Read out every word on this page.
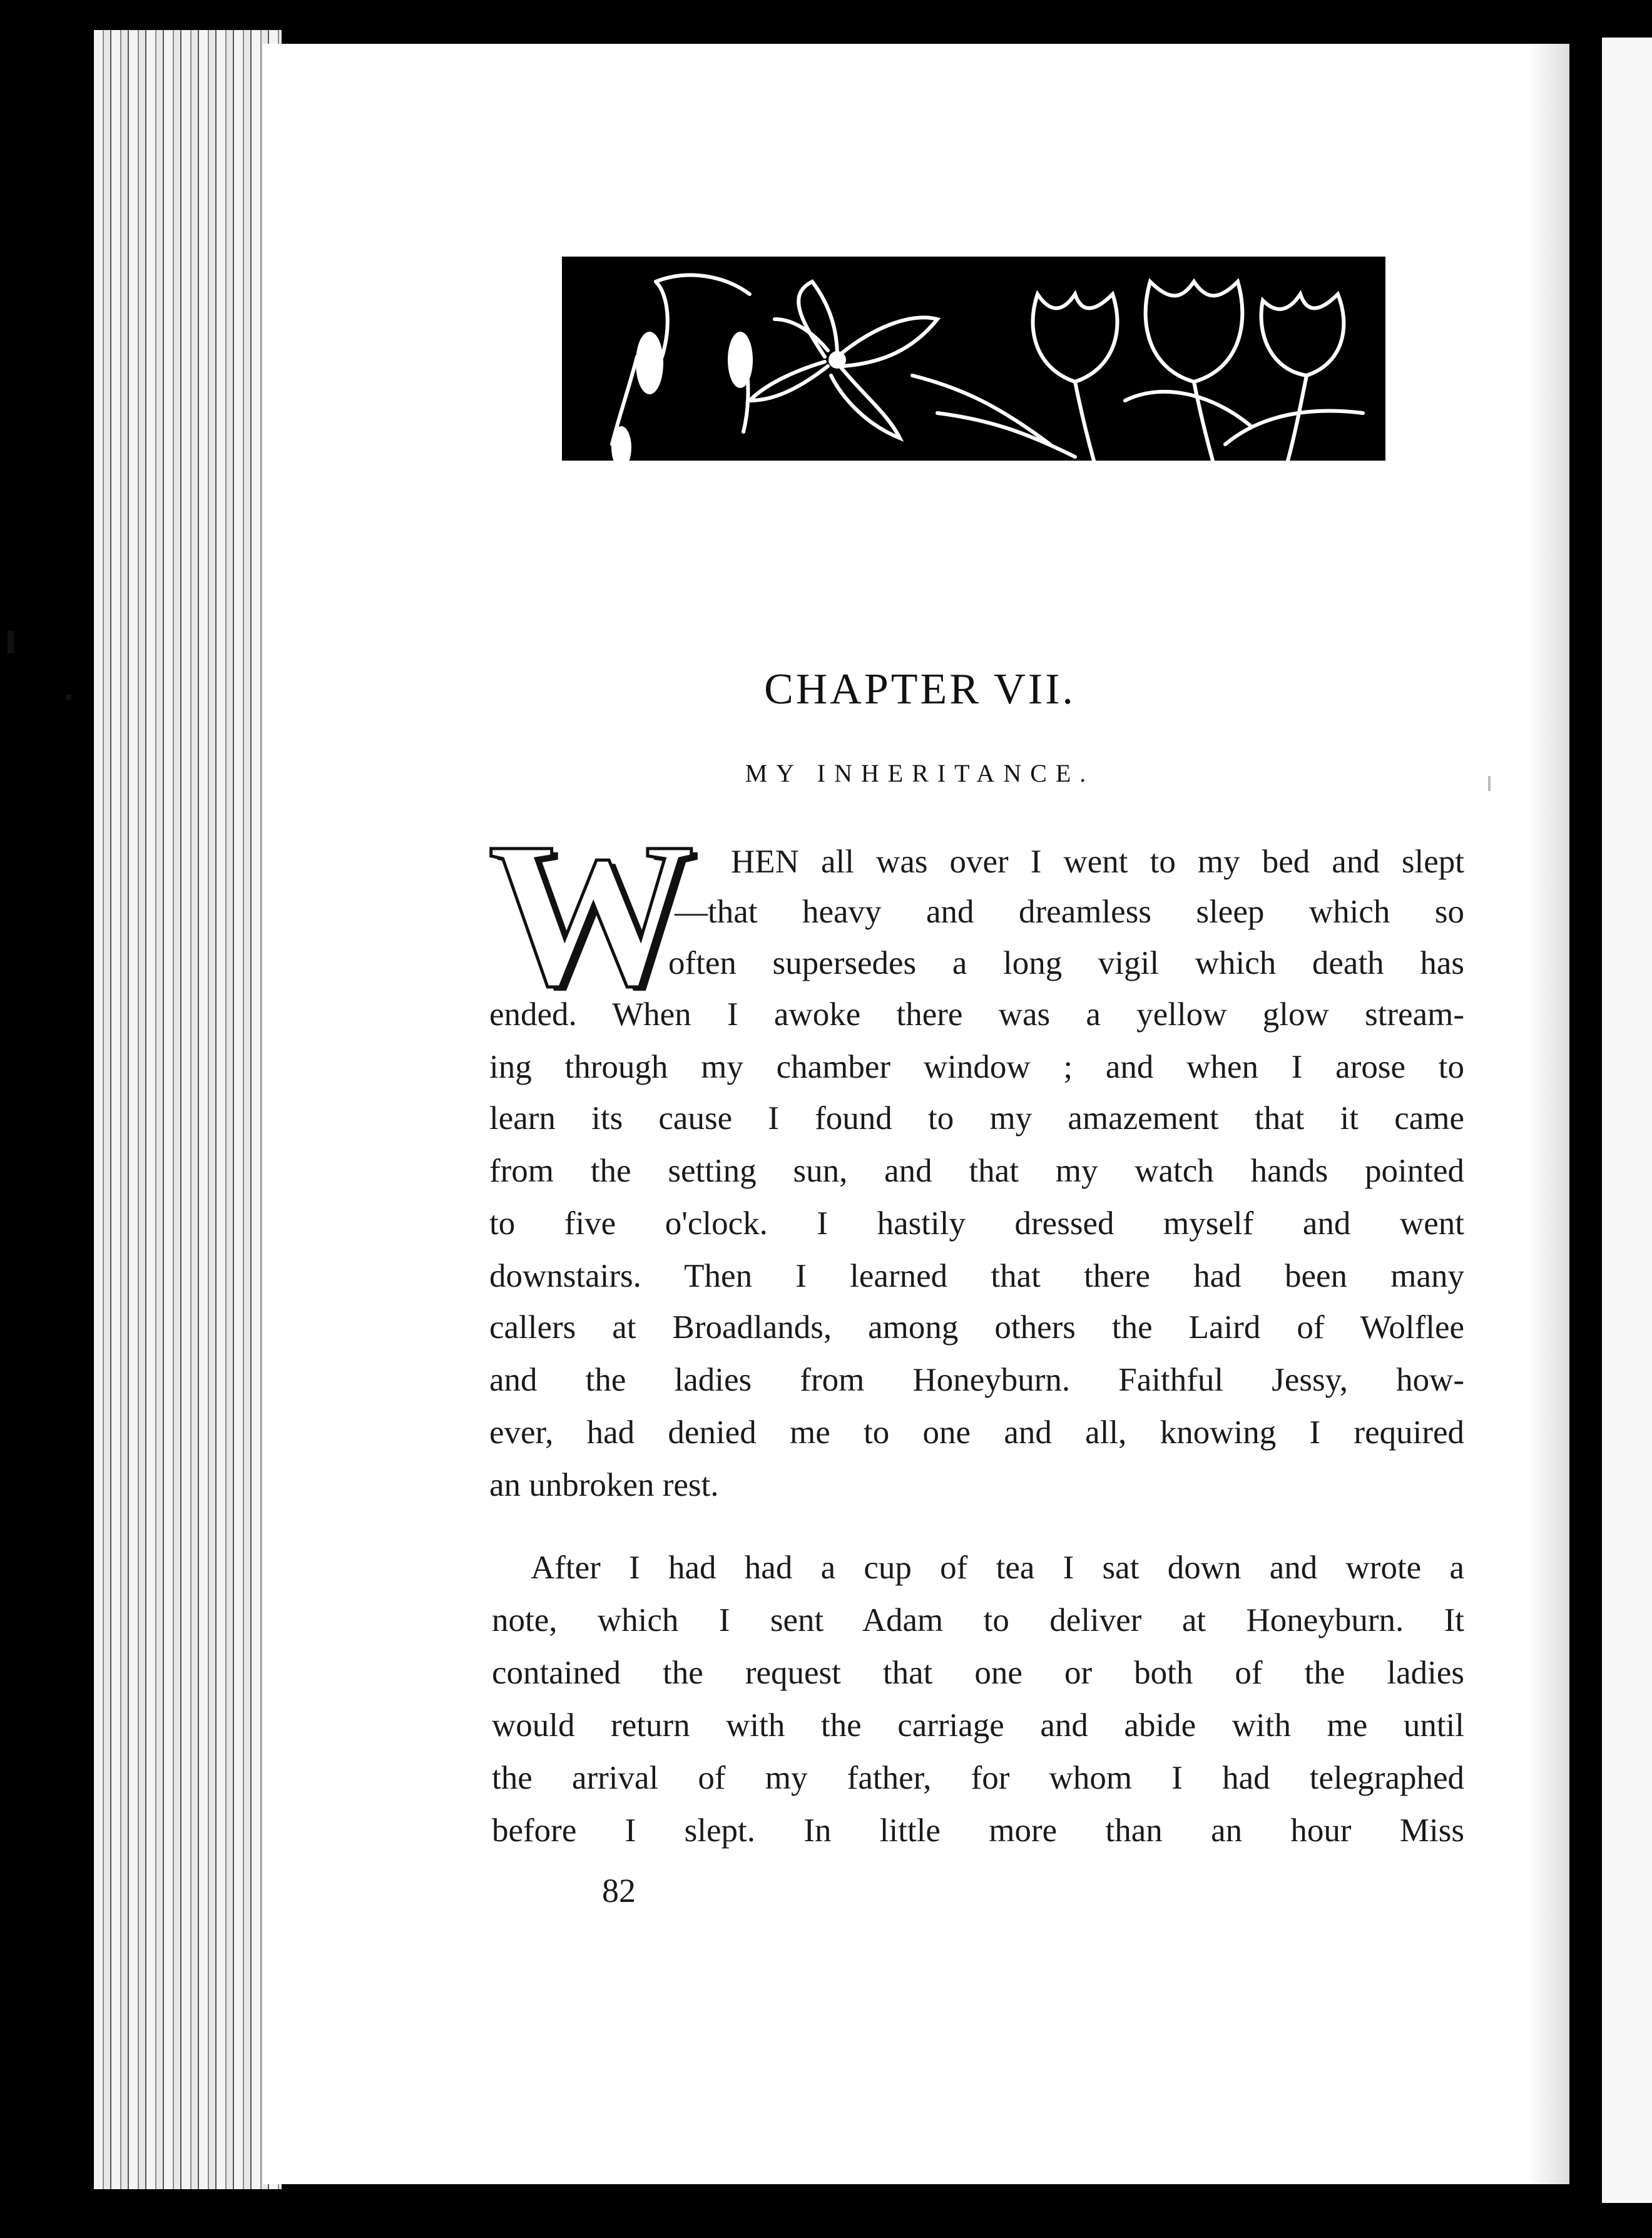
CHAPTER VII.
MY INHERITANCE.
W HEN all was over I went to my bed and slept
—that heavy and dreamless sleep which so
often supersedes a long vigil which death has
ended. When I awoke there was a yellow glow stream-
ing through my chamber window ; and when I arose to
learn its cause I found to my amazement that it came
from the setting sun, and that my watch hands pointed
to five o'clock. I hastily dressed myself and went
downstairs. Then I learned that there had been many
callers at Broadlands, among others the Laird of Wolflee
and the ladies from Honeyburn. Faithful Jessy, how-
ever, had denied me to one and all, knowing I required
an unbroken rest.
After I had had a cup of tea I sat down and wrote a
note, which I sent Adam to deliver at Honeyburn. It
contained the request that one or both of the ladies
would return with the carriage and abide with me until
the arrival of my father, for whom I had telegraphed
before I slept. In little more than an hour Miss
82
